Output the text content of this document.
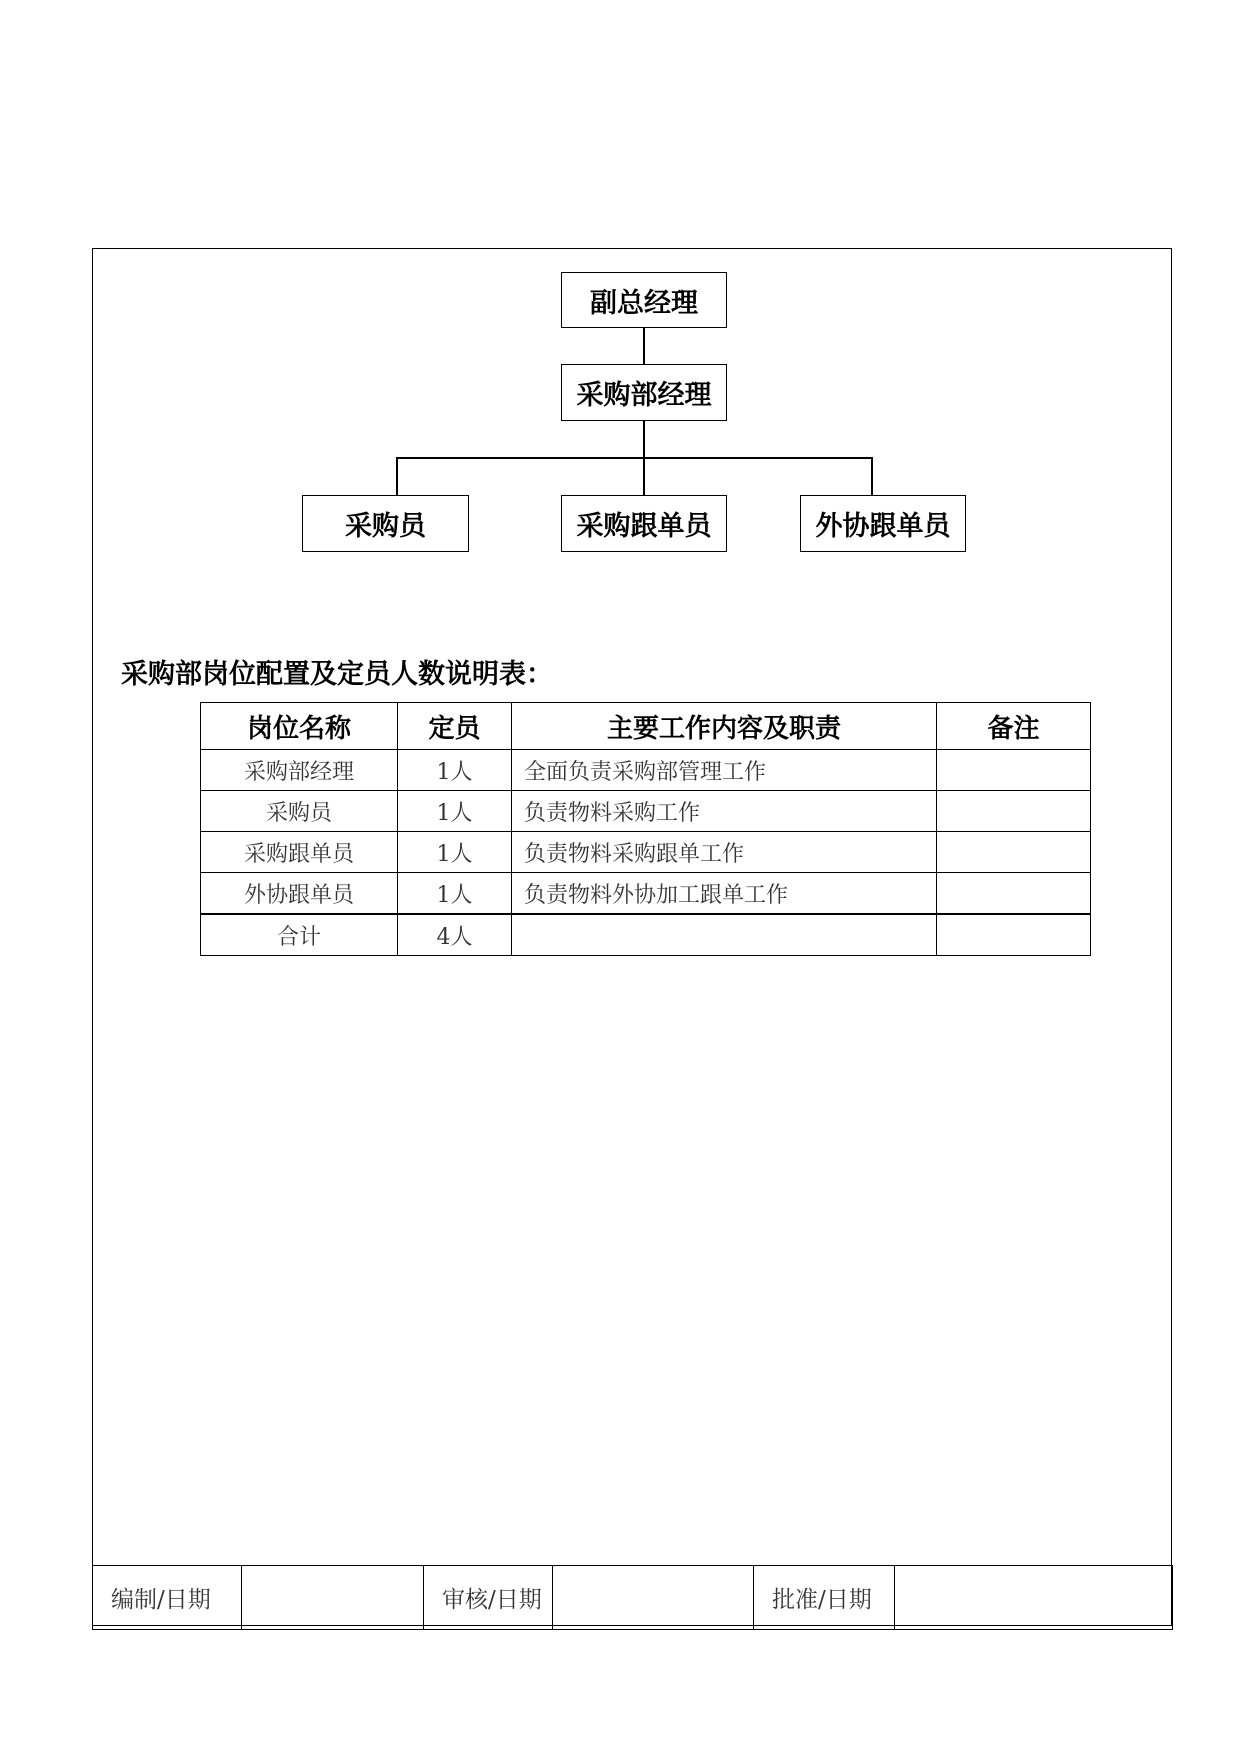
副总经理
采购部经理
采购员	采购跟单员	外协跟单员
采购部岗位配置及定员人数说明表：
岗位名称	定员	主要工作内容及职责	备注
采购部经理	1人	全面负责采购部管理工作	
采购员	1人	负责物料采购工作	
采购跟单员	1人	负责物料采购跟单工作	
外协跟单员	1人	负责物料外协加工跟单工作	
合计	4人		
编制/日期		审核/日期		批准/日期	
